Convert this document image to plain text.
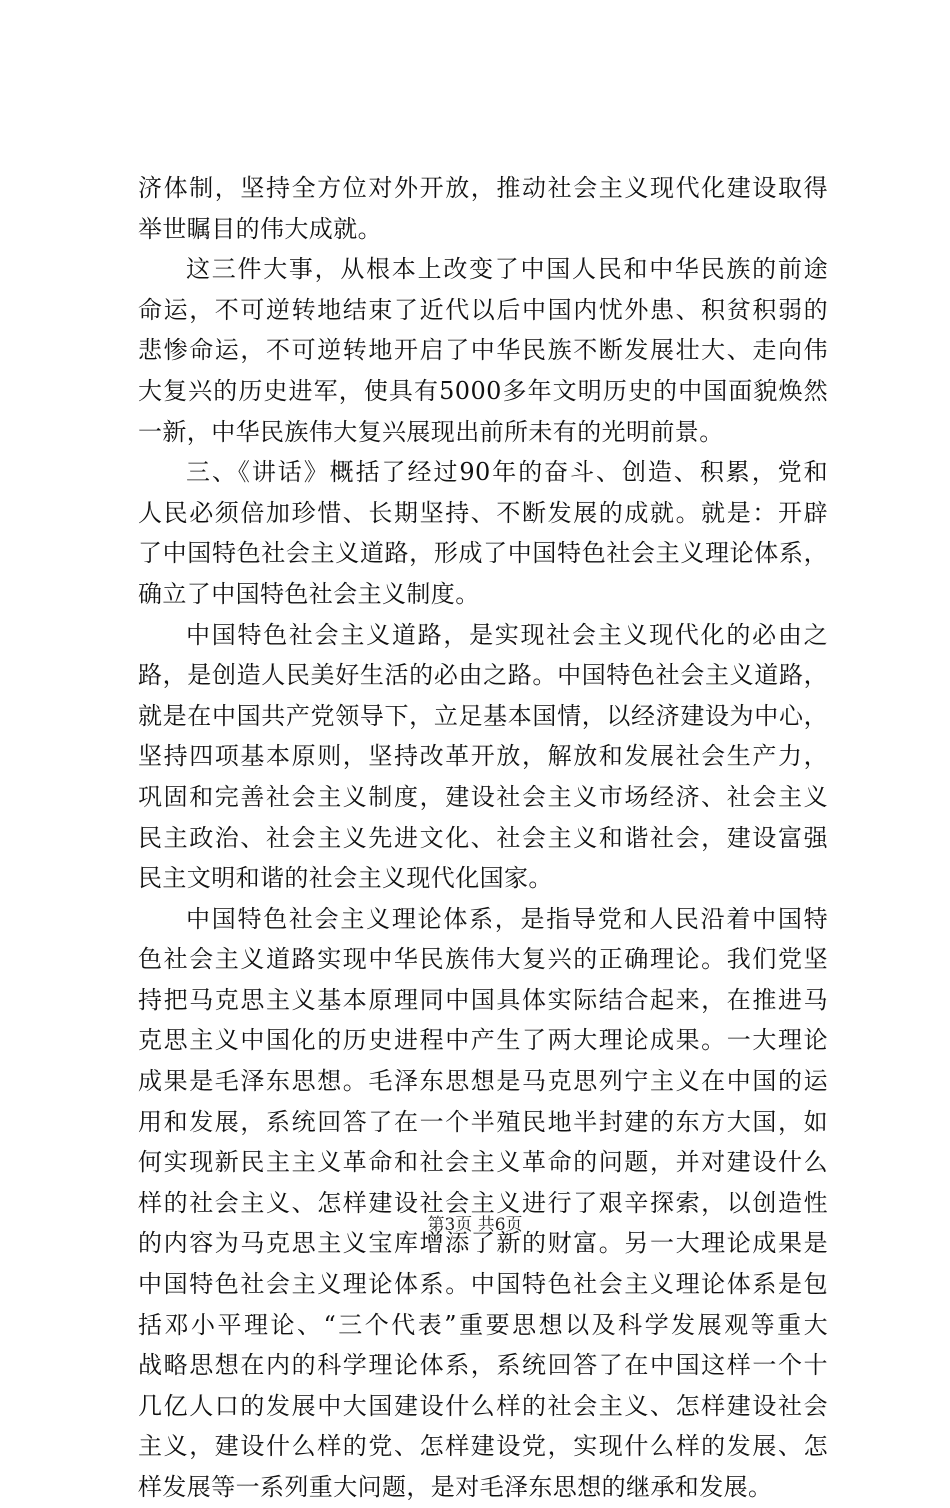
济体制，坚持全方位对外开放，推动社会主义现代化建设取得
举世瞩目的伟大成就。
这三件大事，从根本上改变了中国人民和中华民族的前途
命运，不可逆转地结束了近代以后中国内忧外患、积贫积弱的
悲惨命运，不可逆转地开启了中华民族不断发展壮大、走向伟
大复兴的历史进军，使具有5000多年文明历史的中国面貌焕然
一新，中华民族伟大复兴展现出前所未有的光明前景。
三、《讲话》概括了经过90年的奋斗、创造、积累，党和
人民必须倍加珍惜、长期坚持、不断发展的成就。就是：开辟
了中国特色社会主义道路，形成了中国特色社会主义理论体系，
确立了中国特色社会主义制度。
中国特色社会主义道路，是实现社会主义现代化的必由之
路，是创造人民美好生活的必由之路。中国特色社会主义道路，
就是在中国共产党领导下，立足基本国情，以经济建设为中心，
坚持四项基本原则，坚持改革开放，解放和发展社会生产力，
巩固和完善社会主义制度，建设社会主义市场经济、社会主义
民主政治、社会主义先进文化、社会主义和谐社会，建设富强
民主文明和谐的社会主义现代化国家。
中国特色社会主义理论体系，是指导党和人民沿着中国特
色社会主义道路实现中华民族伟大复兴的正确理论。我们党坚
持把马克思主义基本原理同中国具体实际结合起来，在推进马
克思主义中国化的历史进程中产生了两大理论成果。一大理论
成果是毛泽东思想。毛泽东思想是马克思列宁主义在中国的运
用和发展，系统回答了在一个半殖民地半封建的东方大国，如
何实现新民主主义革命和社会主义革命的问题，并对建设什么
样的社会主义、怎样建设社会主义进行了艰辛探索，以创造性
的内容为马克思主义宝库增添了新的财富。另一大理论成果是
中国特色社会主义理论体系。中国特色社会主义理论体系是包
括邓小平理论、“三个代表”重要思想以及科学发展观等重大
战略思想在内的科学理论体系，系统回答了在中国这样一个十
几亿人口的发展中大国建设什么样的社会主义、怎样建设社会
主义，建设什么样的党、怎样建设党，实现什么样的发展、怎
样发展等一系列重大问题，是对毛泽东思想的继承和发展。
第3页 共6页
